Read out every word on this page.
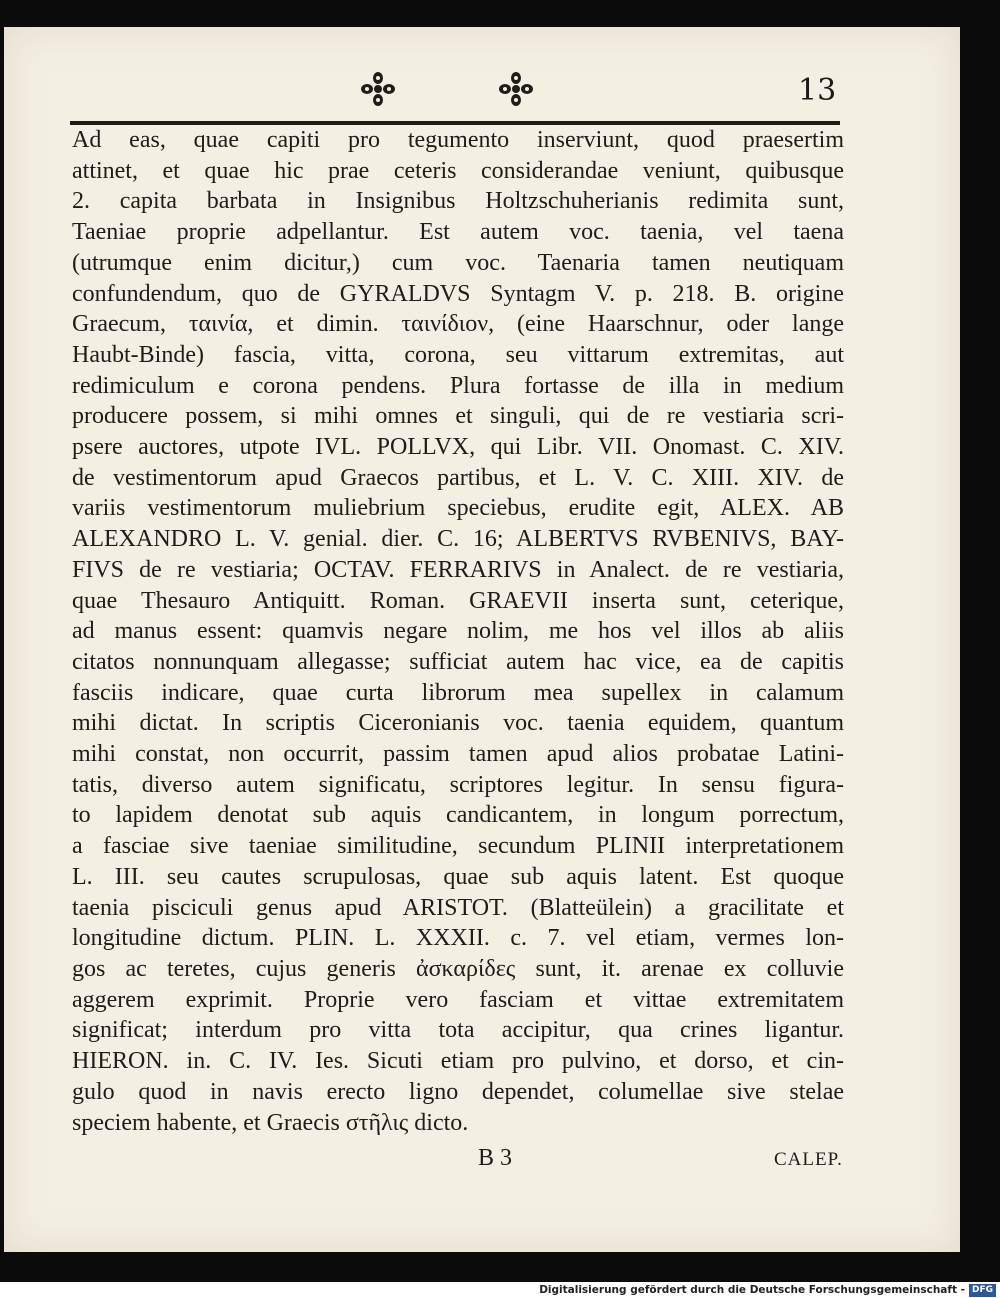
13

Ad eas, quae capiti pro tegumento inserviunt, quod praesertim
attinet, et quae hic prae ceteris considerandae veniunt, quibusque
2. capita barbata in Insignibus Holtzschuherianis redimita sunt,
Taeniae proprie adpellantur. Est autem voc. taenia, vel taena
(utrumque enim dicitur,) cum voc. Taenaria tamen neutiquam
confundendum, quo de GYRALDVS Syntagm V. p. 218. B. origine
Graecum, ταινία, et dimin. ταινίδιον, (eine Haarschnur, oder lange
Haubt-Binde) fascia, vitta, corona, seu vittarum extremitas, aut
redimiculum e corona pendens. Plura fortasse de illa in medium
producere possem, si mihi omnes et singuli, qui de re vestiaria scri-
psere auctores, utpote IVL. POLLVX, qui Libr. VII. Onomast. C. XIV.
de vestimentorum apud Graecos partibus, et L. V. C. XIII. XIV. de
variis vestimentorum muliebrium speciebus, erudite egit, ALEX. AB
ALEXANDRO L. V. genial. dier. C. 16; ALBERTVS RVBENIVS, BAY-
FIVS de re vestiaria; OCTAV. FERRARIVS in Analect. de re vestiaria,
quae Thesauro Antiquitt. Roman. GRAEVII inserta sunt, ceterique,
ad manus essent: quamvis negare nolim, me hos vel illos ab aliis
citatos nonnunquam allegasse; sufficiat autem hac vice, ea de capitis
fasciis indicare, quae curta librorum mea supellex in calamum
mihi dictat. In scriptis Ciceronianis voc. taenia equidem, quantum
mihi constat, non occurrit, passim tamen apud alios probatae Latini-
tatis, diverso autem significatu, scriptores legitur. In sensu figura-
to lapidem denotat sub aquis candicantem, in longum porrectum,
a fasciae sive taeniae similitudine, secundum PLINII interpretationem
L. III. seu cautes scrupulosas, quae sub aquis latent. Est quoque
taenia pisciculi genus apud ARISTOT. (Blatteülein) a gracilitate et
longitudine dictum. PLIN. L. XXXII. c. 7. vel etiam, vermes lon-
gos ac teretes, cujus generis ἀσκαρίδες sunt, it. arenae ex colluvie
aggerem exprimit. Proprie vero fasciam et vittae extremitatem
significat; interdum pro vitta tota accipitur, qua crines ligantur.
HIERON. in. C. IV. Ies. Sicuti etiam pro pulvino, et dorso, et cin-
gulo quod in navis erecto ligno dependet, columellae sive stelae
speciem habente, et Graecis στῆλις dicto.

B 3	CALEP.
Digitalisierung gefördert durch die Deutsche Forschungsgemeinschaft - DFG
